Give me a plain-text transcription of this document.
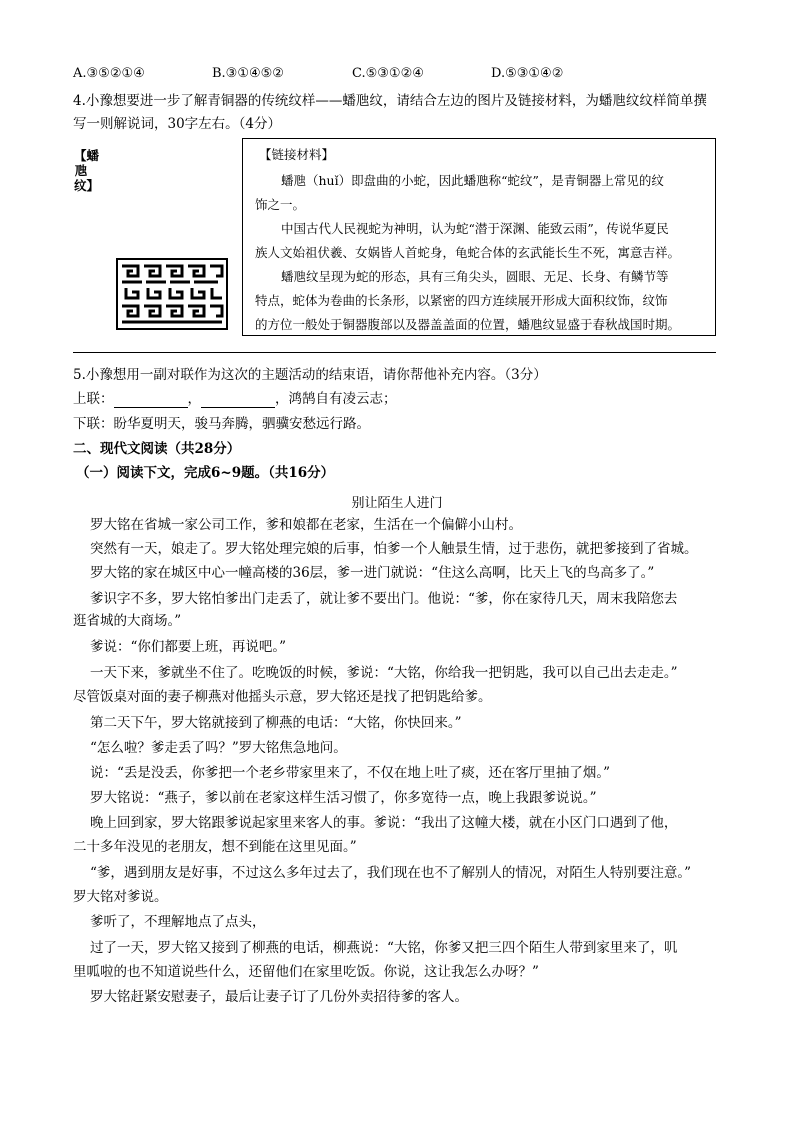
A.③⑤②①④	B.③①④⑤②	C.⑤③①②④	D.⑤③①④②
4.小豫想要进一步了解青铜器的传统纹样——蟠虺纹，请结合左边的图片及链接材料，为蟠虺纹纹样简单撰
写一则解说词，30字左右。（4分）
【蟠虺纹】
【链接材料】
蟠虺（huǐ）即盘曲的小蛇，因此蟠虺称“蛇纹”，是青铜器上常见的纹
饰之一。
中国古代人民视蛇为神明，认为蛇“潜于深渊、能致云雨”，传说华夏民
族人文始祖伏羲、女娲皆人首蛇身，龟蛇合体的玄武能长生不死，寓意吉祥。
蟠虺纹呈现为蛇的形态，具有三角尖头，圆眼、无足、长身、有鳞节等
特点，蛇体为卷曲的长条形，以紧密的四方连续展开形成大面积纹饰，纹饰
的方位一般处于铜器腹部以及器盖盖面的位置，蟠虺纹显盛于春秋战国时期。
5.小豫想用一副对联作为这次的主题活动的结束语，请你帮他补充内容。（3分）
上联：	，	，鸿鹄自有凌云志；
下联：盼华夏明天，骏马奔腾，驷骥安愁远行路。
二、现代文阅读（共28分）
（一）阅读下文，完成6~9题。（共16分）
别让陌生人进门
罗大铭在省城一家公司工作，爹和娘都在老家，生活在一个偏僻小山村。
突然有一天，娘走了。罗大铭处理完娘的后事，怕爹一个人触景生情，过于悲伤，就把爹接到了省城。
罗大铭的家在城区中心一幢高楼的36层，爹一进门就说：“住这么高啊，比天上飞的鸟高多了。”
爹识字不多，罗大铭怕爹出门走丢了，就让爹不要出门。他说：“爹，你在家待几天，周末我陪您去
逛省城的大商场。”
爹说：“你们都要上班，再说吧。”
一天下来，爹就坐不住了。吃晚饭的时候，爹说：“大铭，你给我一把钥匙，我可以自己出去走走。”
尽管饭桌对面的妻子柳燕对他摇头示意，罗大铭还是找了把钥匙给爹。
第二天下午，罗大铭就接到了柳燕的电话：“大铭，你快回来。”
“怎么啦？爹走丢了吗？”罗大铭焦急地问。
说：“丢是没丢，你爹把一个老乡带家里来了，不仅在地上吐了痰，还在客厅里抽了烟。”
罗大铭说：“燕子，爹以前在老家这样生活习惯了，你多宽待一点，晚上我跟爹说说。”
晚上回到家，罗大铭跟爹说起家里来客人的事。爹说：“我出了这幢大楼，就在小区门口遇到了他，
二十多年没见的老朋友，想不到能在这里见面。”
“爹，遇到朋友是好事，不过这么多年过去了，我们现在也不了解别人的情况，对陌生人特别要注意。”
罗大铭对爹说。
爹听了，不理解地点了点头，
过了一天，罗大铭又接到了柳燕的电话，柳燕说：“大铭，你爹又把三四个陌生人带到家里来了，叽
里呱啦的也不知道说些什么，还留他们在家里吃饭。你说，这让我怎么办呀？”
罗大铭赶紧安慰妻子，最后让妻子订了几份外卖招待爹的客人。
